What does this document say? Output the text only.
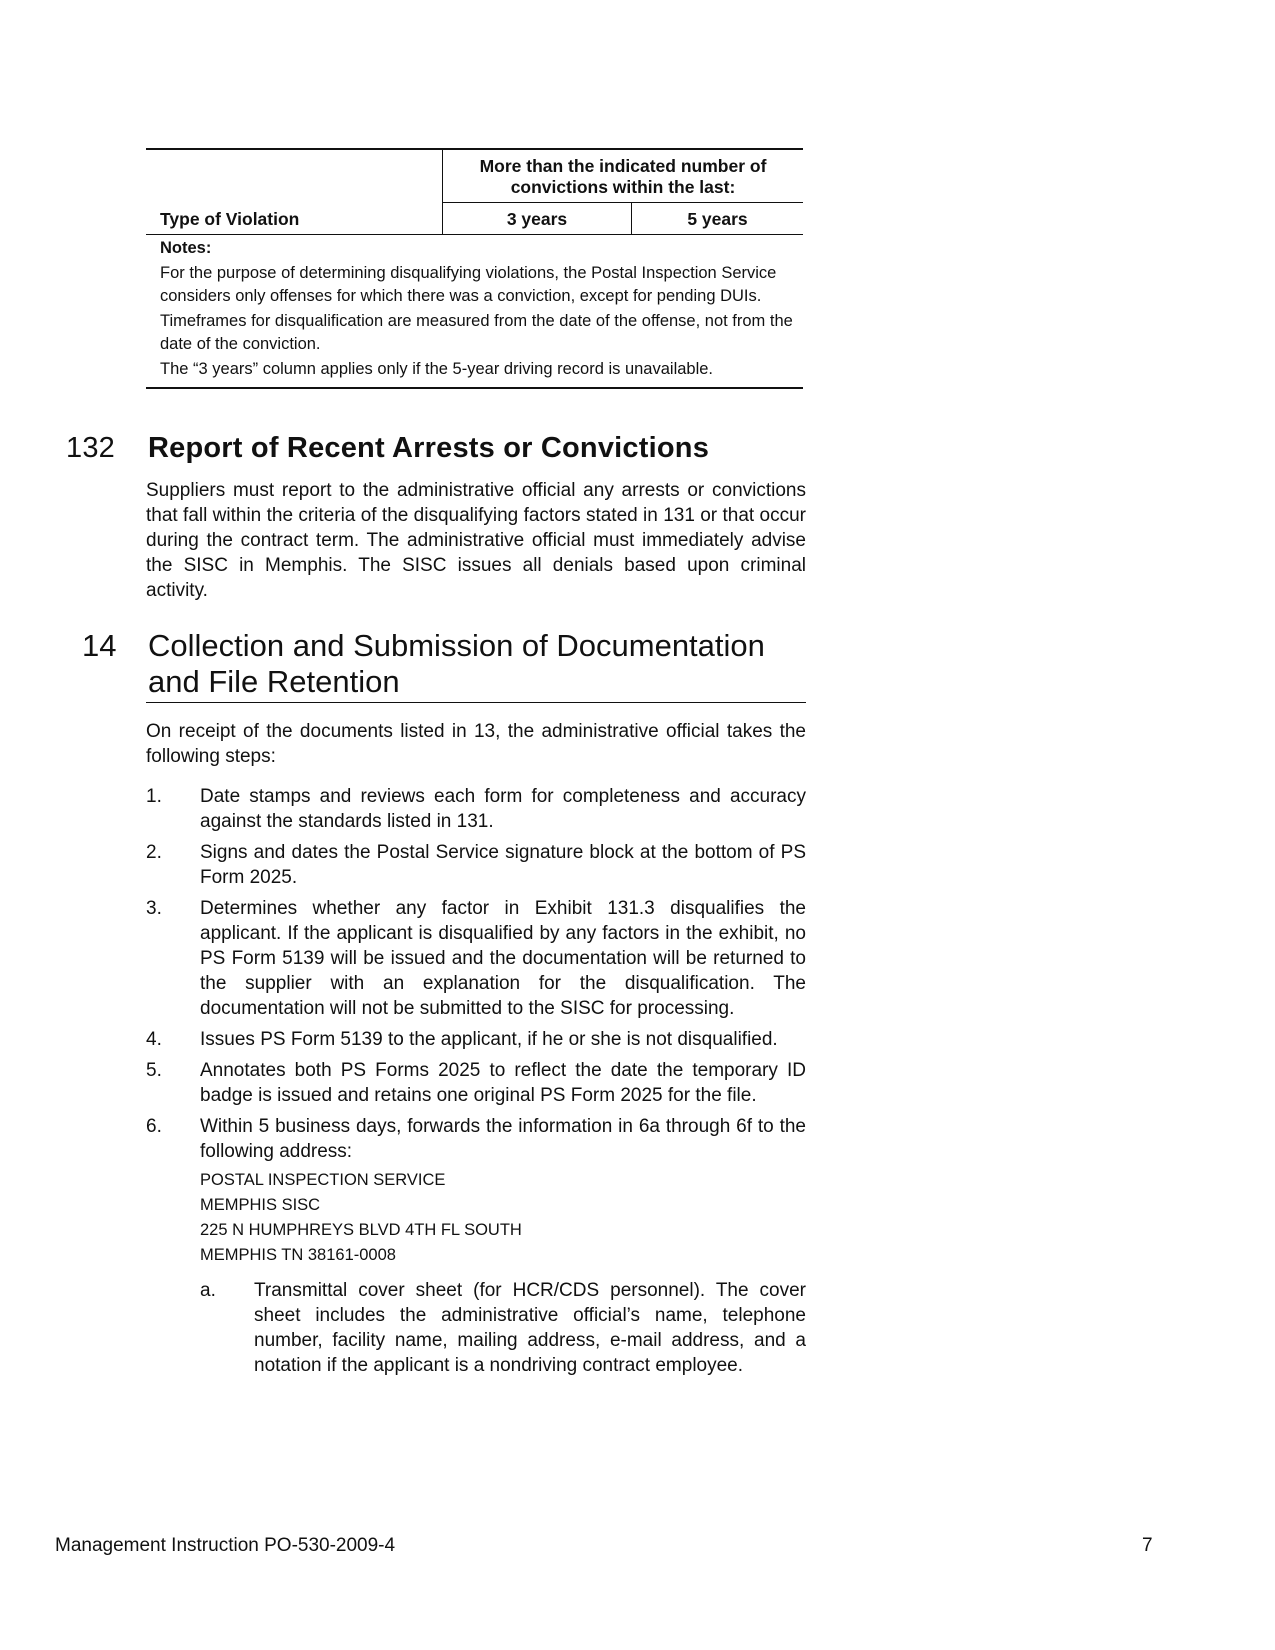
Type of Violation	More than the indicated number of convictions within the last:	
	3 years	5 years

Notes:
For the purpose of determining disqualifying violations, the Postal Inspection Service considers only offenses for which there was a conviction, except for pending DUIs.
Timeframes for disqualification are measured from the date of the offense, not from the date of the conviction.
The “3 years” column applies only if the 5-year driving record is unavailable.		
132 Report of Recent Arrests or Convictions
Suppliers must report to the administrative official any arrests or convictions that fall within the criteria of the disqualifying factors stated in 131 or that occur during the contract term. The administrative official must immediately advise the SISC in Memphis. The SISC issues all denials based upon criminal activity.
14 Collection and Submission of Documentation and File Retention
On receipt of the documents listed in 13, the administrative official takes the following steps:
1.	Date stamps and reviews each form for completeness and accuracy against the standards listed in 131.
2.	Signs and dates the Postal Service signature block at the bottom of PS Form 2025.
3.	Determines whether any factor in Exhibit 131.3 disqualifies the applicant. If the applicant is disqualified by any factors in the exhibit, no PS Form 5139 will be issued and the documentation will be returned to the supplier with an explanation for the disqualification. The documentation will not be submitted to the SISC for processing.
4.	Issues PS Form 5139 to the applicant, if he or she is not disqualified.
5.	Annotates both PS Forms 2025 to reflect the date the temporary ID badge is issued and retains one original PS Form 2025 for the file.
6.	Within 5 business days, forwards the information in 6a through 6f to the following address:
POSTAL INSPECTION SERVICE
MEMPHIS SISC
225 N HUMPHREYS BLVD 4TH FL SOUTH
MEMPHIS TN 38161-0008
a.	Transmittal cover sheet (for HCR/CDS personnel). The cover sheet includes the administrative official’s name, telephone number, facility name, mailing address, e-mail address, and a notation if the applicant is a nondriving contract employee.
Management Instruction PO-530-2009-4	7
